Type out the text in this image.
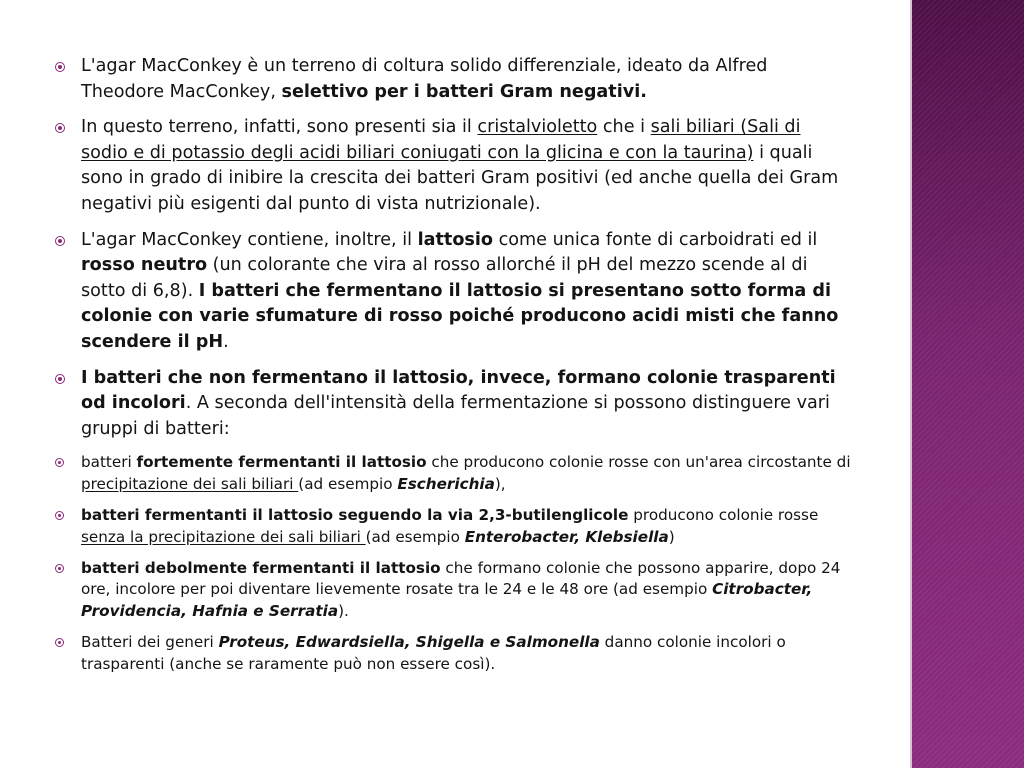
L'agar MacConkey è un terreno di coltura solido differenziale, ideato da Alfred Theodore MacConkey, selettivo per i batteri Gram negativi.
In questo terreno, infatti, sono presenti sia il cristalvioletto che i sali biliari (Sali di sodio e di potassio degli acidi biliari coniugati con la glicina e con la taurina) i quali sono in grado di inibire la crescita dei batteri Gram positivi (ed anche quella dei Gram negativi più esigenti dal punto di vista nutrizionale).
L'agar MacConkey contiene, inoltre, il lattosio come unica fonte di carboidrati ed il rosso neutro (un colorante che vira al rosso allorché il pH del mezzo scende al di sotto di 6,8). I batteri che fermentano il lattosio si presentano sotto forma di colonie con varie sfumature di rosso poiché producono acidi misti che fanno scendere il pH.
I batteri che non fermentano il lattosio, invece, formano colonie trasparenti od incolori. A seconda dell'intensità della fermentazione si possono distinguere vari gruppi di batteri:
batteri fortemente fermentanti il lattosio che producono colonie rosse con un'area circostante di precipitazione dei sali biliari (ad esempio Escherichia),
batteri fermentanti il lattosio seguendo la via 2,3-butilenglicole producono colonie rosse senza la precipitazione dei sali biliari (ad esempio Enterobacter, Klebsiella)
batteri debolmente fermentanti il lattosio che formano colonie che possono apparire, dopo 24 ore, incolore per poi diventare lievemente rosate tra le 24 e le 48 ore (ad esempio Citrobacter, Providencia, Hafnia e Serratia).
Batteri dei generi Proteus, Edwardsiella, Shigella e Salmonella danno colonie incolori o trasparenti (anche se raramente può non essere così).
